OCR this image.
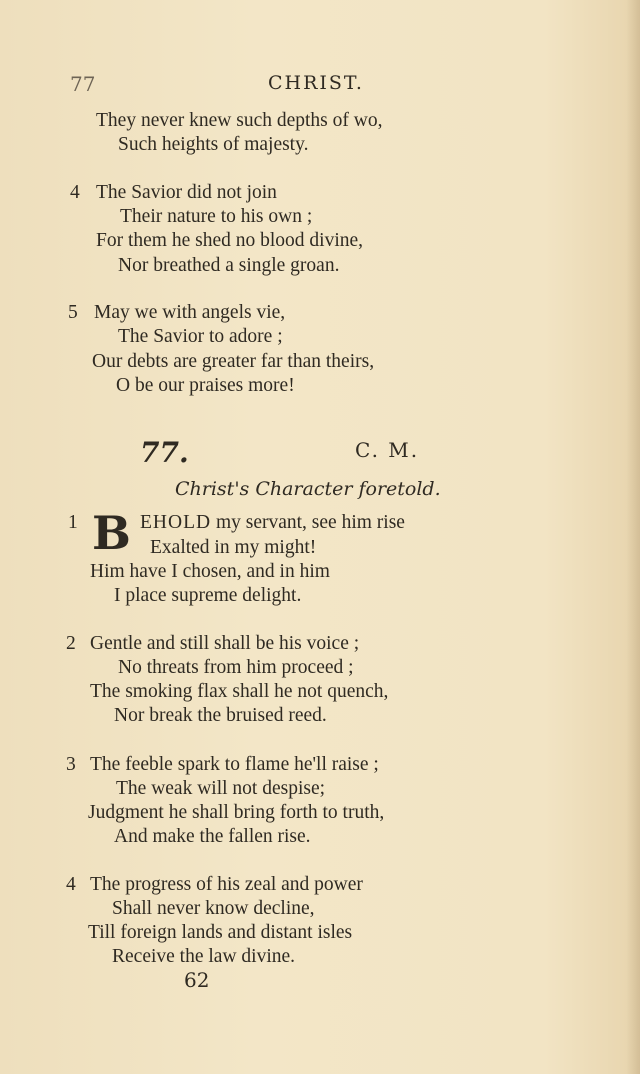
77	CHRIST.
They never knew such depths of wo,
Such heights of majesty.
4 The Savior did not join
Their nature to his own ;
For them he shed no blood divine,
Nor breathed a single groan.
5 May we with angels vie,
The Savior to adore ;
Our debts are greater far than theirs,
O be our praises more!
77.	C. M.
Christ's Character foretold.
1 B EHOLD my servant, see him rise
Exalted in my might!
Him have I chosen, and in him
I place supreme delight.
2 Gentle and still shall be his voice ;
No threats from him proceed ;
The smoking flax shall he not quench,
Nor break the bruised reed.
3 The feeble spark to flame he'll raise ;
The weak will not despise;
Judgment he shall bring forth to truth,
And make the fallen rise.
4 The progress of his zeal and power
Shall never know decline,
Till foreign lands and distant isles
Receive the law divine.
62
